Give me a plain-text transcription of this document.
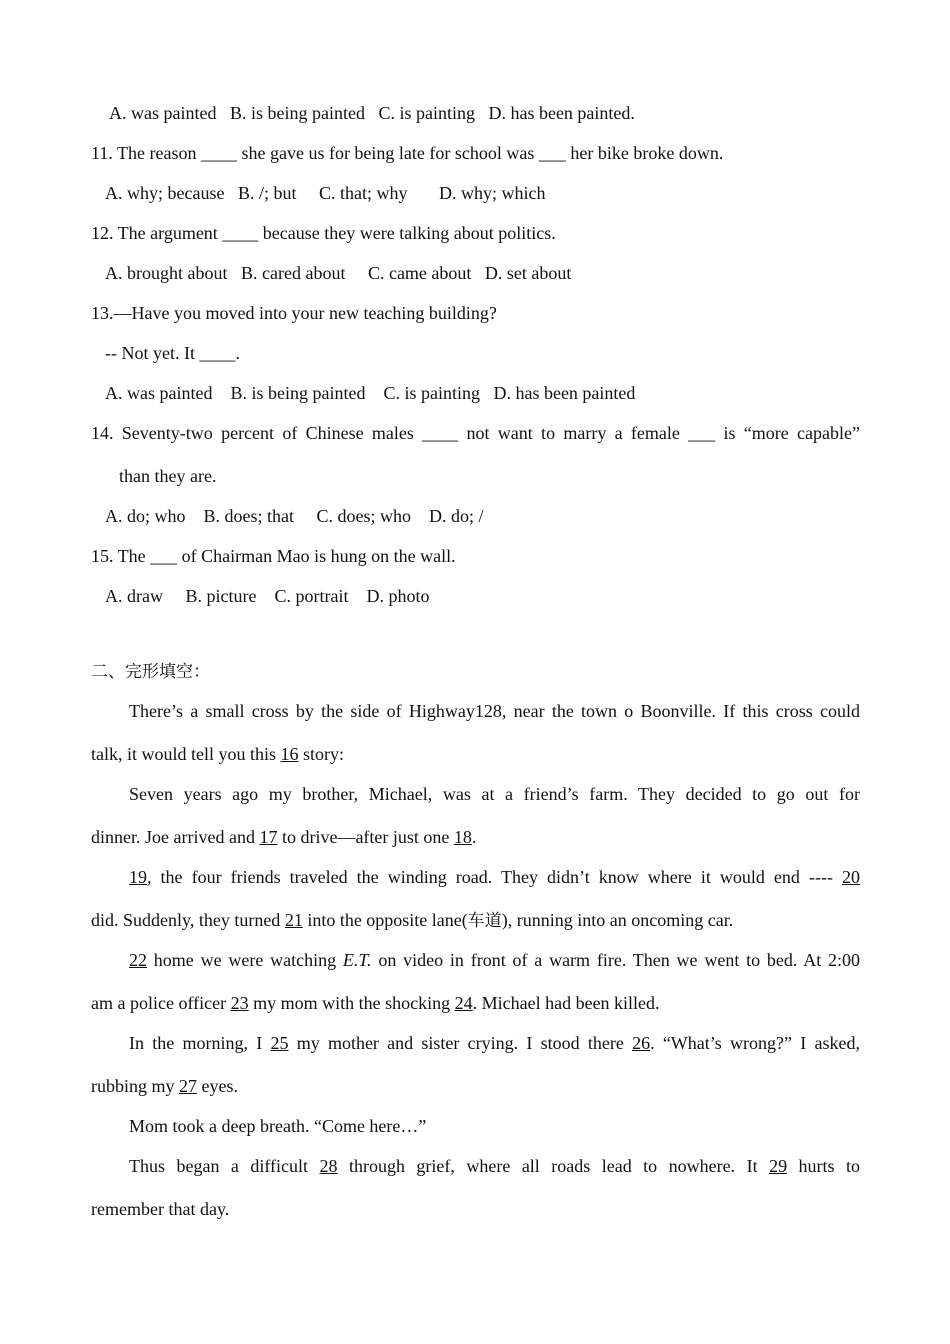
A. was painted   B. is being painted   C. is painting   D. has been painted.
11. The reason ____ she gave us for being late for school was ___ her bike broke down.
A. why; because   B. /; but     C. that; why       D. why; which
12. The argument ____ because they were talking about politics.
A. brought about   B. cared about     C. came about   D. set about
13.—Have you moved into your new teaching building?
-- Not yet. It ____.
A. was painted    B. is being painted    C. is painting   D. has been painted
14. Seventy-two percent of Chinese males ____ not want to marry a female ___ is “more capable”
than they are.
A. do; who    B. does; that     C. does; who    D. do; /
15. The ___ of Chairman Mao is hung on the wall.
A. draw     B. picture    C. portrait    D. photo
二、完形填空：
There’s a small cross by the side of Highway128, near the town o Boonville. If this cross could
talk, it would tell you this 16 story:
Seven years ago my brother, Michael, was at a friend’s farm. They decided to go out for
dinner. Joe arrived and 17 to drive—after just one 18.
19, the four friends traveled the winding road. They didn’t know where it would end ---- 20
did. Suddenly, they turned 21 into the opposite lane(车道), running into an oncoming car.
22 home we were watching E.T. on video in front of a warm fire. Then we went to bed. At 2:00
am a police officer 23 my mom with the shocking 24. Michael had been killed.
In the morning, I 25 my mother and sister crying. I stood there 26. “What’s wrong?” I asked,
rubbing my 27 eyes.
Mom took a deep breath. “Come here…”
Thus began a difficult 28 through grief, where all roads lead to nowhere. It 29 hurts to
remember that day.
